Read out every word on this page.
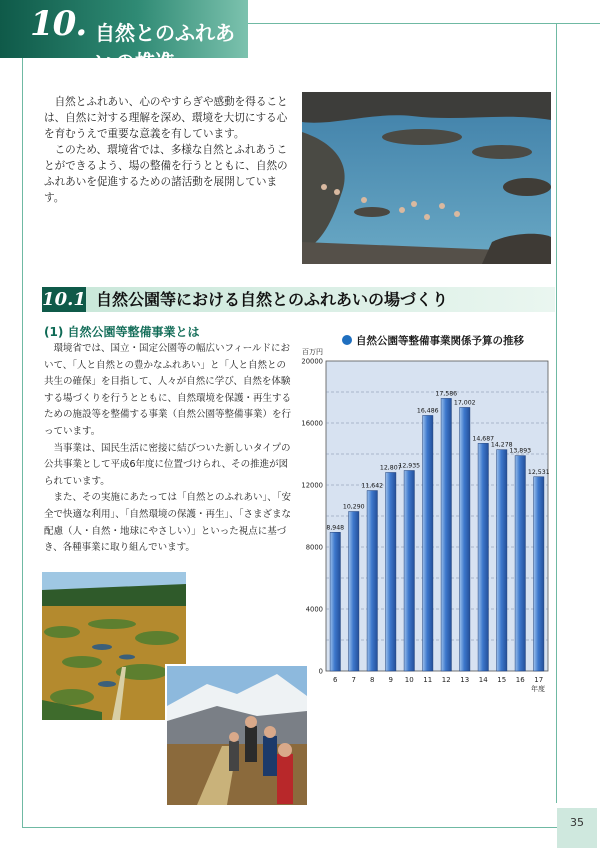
10. 自然とのふれあいの推進

自然とふれあい、心のやすらぎや感動を得ることは、自然に対する理解を深め、環境を大切にする心を育むうえで重要な意義を有しています。

このため、環境省では、多様な自然とふれあうことができるよう、場の整備を行うとともに、自然のふれあいを促進するための諸活動を展開しています。

10.1 自然公園等における自然とのふれあいの場づくり
(1) 自然公園等整備事業とは

環境省では、国立・国定公園等の幅広いフィールドにおいて、「人と自然との豊かなふれあい」と「人と自然との共生の確保」を目指して、人々が自然に学び、自然を体験する場づくりを行うとともに、自然環境を保護・再生するための施設等を整備する事業（自然公園等整備事業）を行っています。

当事業は、国民生活に密接に結びついた新しいタイプの公共事業として平成6年度に位置づけられ、その推進が図られています。

また、その実施にあたっては「自然とのふれあい」、「安全で快適な利用」、「自然環境の保護・再生」、「さまざまな配慮（人・自然・地球にやさしい）」といった視点に基づき、各種事業に取り組んでいます。

自然公園等整備事業関係予算の推移
百万円
年度
0
4000
8000
12000
16000
20000
8,948
6
10,290
7
11,642
8
12,807
9
12,935
10
16,486
11
17,586
12
17,002
13
14,687
14
14,278
15
13,893
16
12,531
17
35
